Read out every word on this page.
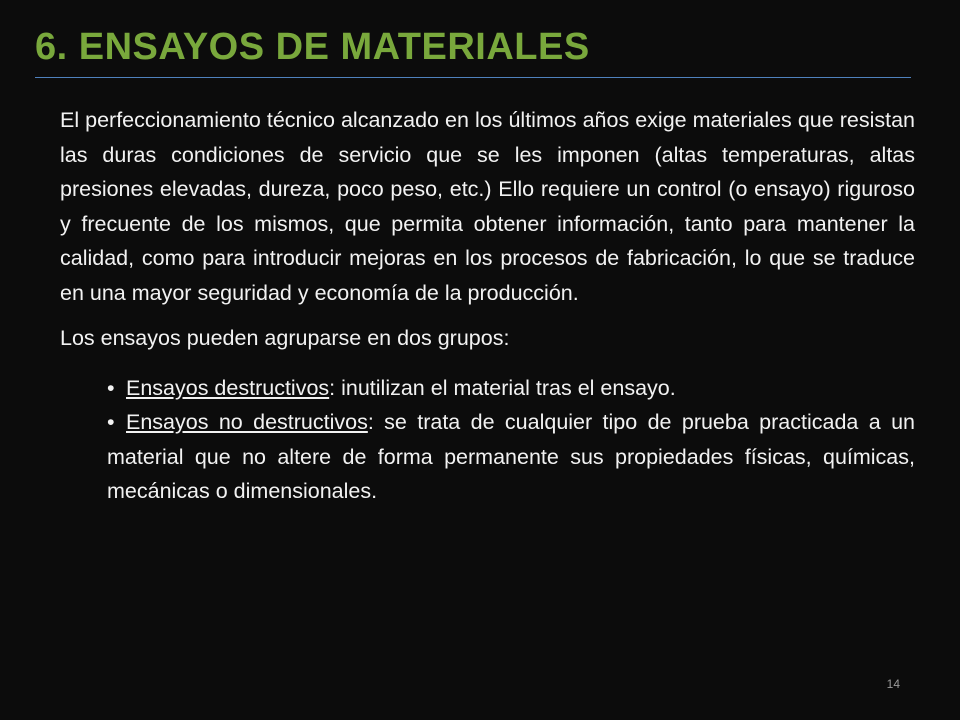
6. ENSAYOS DE MATERIALES

El perfeccionamiento técnico alcanzado en los últimos años exige materiales que resistan las duras condiciones de servicio que se les imponen (altas temperaturas, altas presiones elevadas, dureza, poco peso, etc.) Ello requiere un control (o ensayo) riguroso y frecuente de los mismos, que permita obtener información, tanto para mantener la calidad, como para introducir mejoras en los procesos de fabricación, lo que se traduce en una mayor seguridad y economía de la producción.

Los ensayos pueden agruparse en dos grupos:

• Ensayos destructivos: inutilizan el material tras el ensayo.
• Ensayos no destructivos: se trata de cualquier tipo de prueba practicada a un material que no altere de forma permanente sus propiedades físicas, químicas, mecánicas o dimensionales.
14
